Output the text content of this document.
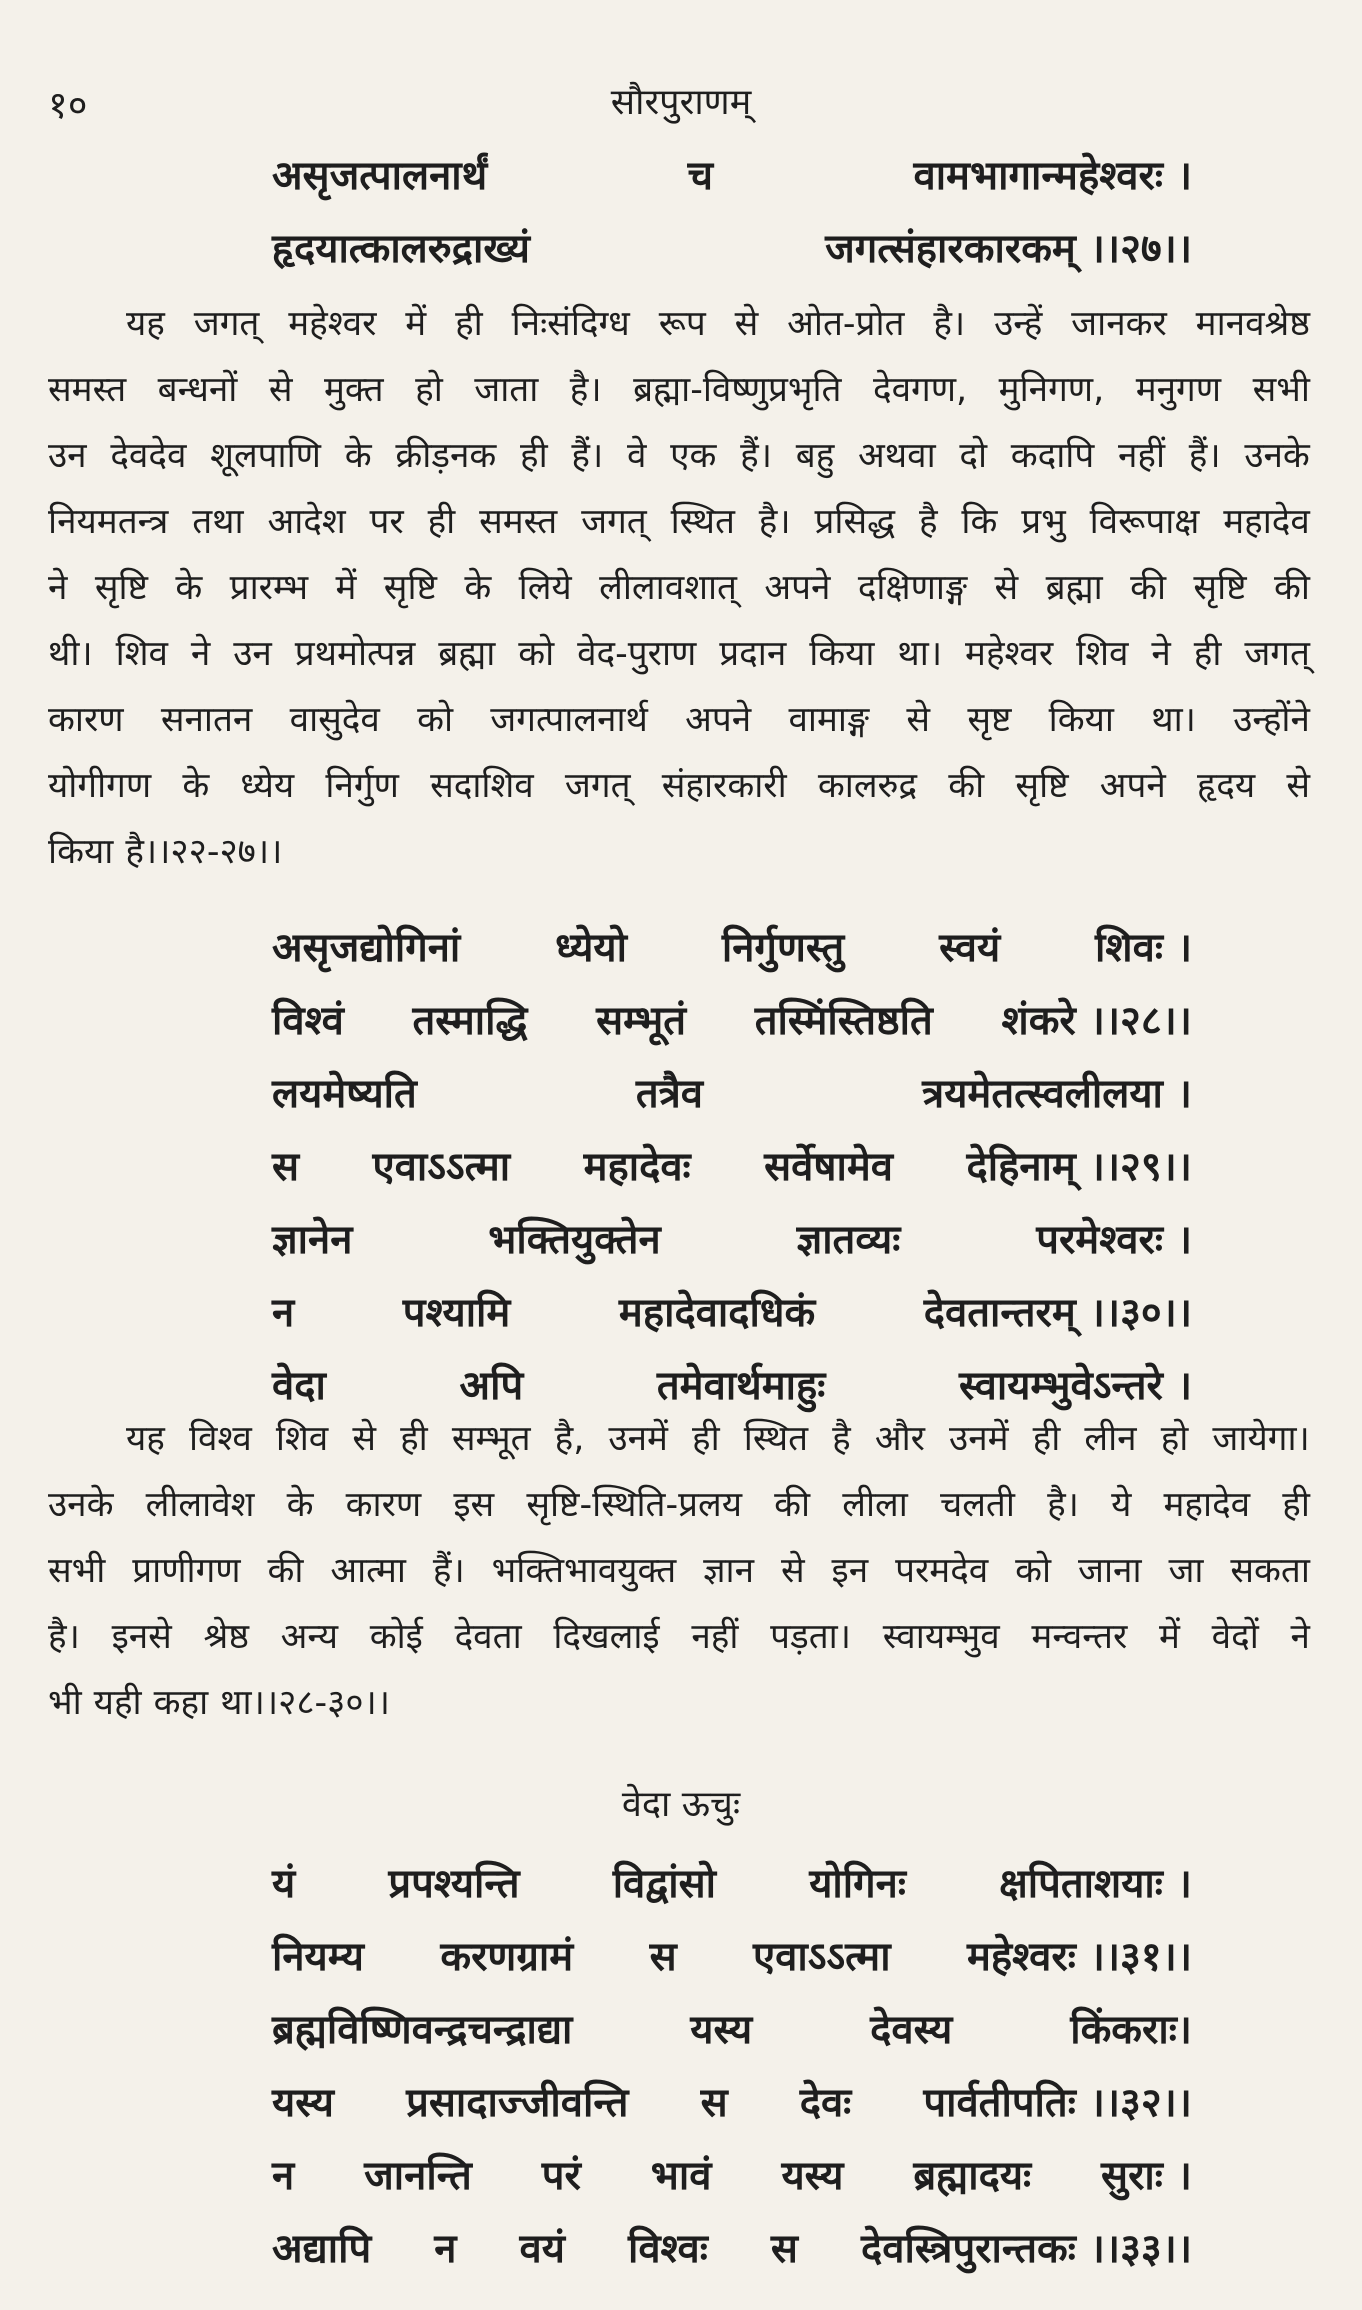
१०	सौरपुराणम्
असृजत्पालनार्थं	च	वामभागान्महेश्वरः ।
हृदयात्कालरुद्राख्यं	जगत्संहारकारकम् ।।२७।।
यह जगत् महेश्वर में ही निःसंदिग्ध रूप से ओत-प्रोत है। उन्हें जानकर मानवश्रेष्ठ
समस्त बन्धनों से मुक्त हो जाता है। ब्रह्मा-विष्णुप्रभृति देवगण, मुनिगण, मनुगण सभी
उन देवदेव शूलपाणि के क्रीड़नक ही हैं। वे एक हैं। बहु अथवा दो कदापि नहीं हैं। उनके
नियमतन्त्र तथा आदेश पर ही समस्त जगत् स्थित है। प्रसिद्ध है कि प्रभु विरूपाक्ष महादेव
ने सृष्टि के प्रारम्भ में सृष्टि के लिये लीलावशात् अपने दक्षिणाङ्ग से ब्रह्मा की सृष्टि की
थी। शिव ने उन प्रथमोत्पन्न ब्रह्मा को वेद-पुराण प्रदान किया था। महेश्वर शिव ने ही जगत्
कारण सनातन वासुदेव को जगत्पालनार्थ अपने वामाङ्ग से सृष्ट किया था। उन्होंने
योगीगण के ध्येय निर्गुण सदाशिव जगत् संहारकारी कालरुद्र की सृष्टि अपने हृदय से
किया है।।२२-२७।।
असृजद्योगिनां ध्येयो निर्गुणस्तु स्वयं शिवः ।
विश्वं तस्माद्धि सम्भूतं तस्मिंस्तिष्ठति शंकरे ।।२८।।
लयमेष्यति	तत्रैव	त्रयमेतत्स्वलीलया ।
स एवाऽऽत्मा महादेवः सर्वेषामेव देहिनाम् ।।२९।।
ज्ञानेन	भक्तियुक्तेन	ज्ञातव्यः	परमेश्वरः ।
न	पश्यामि	महादेवादधिकं	देवतान्तरम् ।।३०।।
वेदा	अपि	तमेवार्थमाहुः	स्वायम्भुवेऽन्तरे ।
यह विश्व शिव से ही सम्भूत है, उनमें ही स्थित है और उनमें ही लीन हो जायेगा।
उनके लीलावेश के कारण इस सृष्टि-स्थिति-प्रलय की लीला चलती है। ये महादेव ही
सभी प्राणीगण की आत्मा हैं। भक्तिभावयुक्त ज्ञान से इन परमदेव को जाना जा सकता
है। इनसे श्रेष्ठ अन्य कोई देवता दिखलाई नहीं पड़ता। स्वायम्भुव मन्वन्तर में वेदों ने
भी यही कहा था।।२८-३०।।
वेदा ऊचुः
यं प्रपश्यन्ति विद्वांसो योगिनः क्षपिताशयाः ।
नियम्य करणग्रामं स एवाऽऽत्मा महेश्वरः ।।३१।।
ब्रह्मविष्णिवन्द्रचन्द्राद्या	यस्य	देवस्य	किंकराः।
यस्य प्रसादाज्जीवन्ति स देवः पार्वतीपतिः ।।३२।।
न जानन्ति परं भावं यस्य ब्रह्मादयः सुराः ।
अद्यापि न वयं विश्वः स देवस्त्रिपुरान्तकः ।।३३।।
